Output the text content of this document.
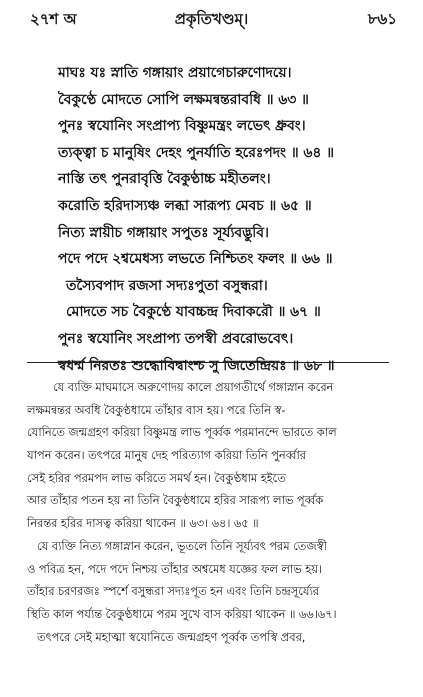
প্রকৃতিখণ্ডম্।
২৭শ অ	৮৬১
মাঘঃ যঃ স্নাতি গঙ্গায়াং প্রয়াগেচারুণোদয়ে।
বৈকুণ্ঠে মোদতে সোপি লক্ষমন্বন্তরাবধি ॥ ৬৩ ॥
পুনঃ স্বযোনিং সংপ্রাপ্য বিষ্ণুমন্ত্রং লভেৎ ধ্রুবং।
ত্যক্ত্বা চ মানুষিং দেহং পুনর্যাতি হরেঃপদং ॥ ৬৪ ॥
নাস্তি তৎ পুনরাবৃত্তি বৈকুণ্ঠাচ্চ মহীতলং।
করোতি হরিদাস্যঞ্চ লব্ধা সারূপ্য মেবচ ॥ ৬৫ ॥
নিত্য স্নায়ীচ গঙ্গায়াং সপুতঃ সূর্য্যবদ্ভুবি।
পদে পদে ২শ্বমেধস্য লভতে নিশ্চিতং ফলং ॥ ৬৬ ॥
তস্যৈবপাদ রজসা সদ্যঃপুতা বসুন্ধরা।
মোদতে সচ বৈকুণ্ঠে যাবচ্চন্দ্র দিবাকরৌ ॥ ৬৭ ॥
পুনঃ স্বযোনিং সংপ্রাপ্য তপস্বী প্রবরোভবেৎ।
স্বধর্ম্ম নিরতঃ শুদ্ধোবিদ্বাংশ্চ সু জিতেন্দ্রিয়ঃ ॥ ৬৮ ॥
যে ব্যক্তি মাঘমাসে অরুণোদয় কালে প্রয়াগতীর্থে গঙ্গাস্নান করেন
লক্ষমন্বন্তর অবধি বৈকুণ্ঠধামে তাঁহার বাস হয়। পরে তিনি স্ব-
যোনিতে জন্মগ্রহণ করিয়া বিষ্ণুমন্ত্র লাভ পূর্ব্বক পরমানন্দে ভারতে কাল
যাপন করেন। তৎপরে মানুষ দেহ পরিত্যাগ করিয়া তিনি পুনর্ব্বার
সেই হরির পরমপদ লাভ করিতে সমর্থ হন। বৈকুণ্ঠধাম হইতে
আর তাঁহার পতন হয় না তিনি বৈকুণ্ঠধামে হরির সারূপ্য লাভ পূর্ব্বক
নিরন্তর হরির দাসত্ব করিয়া থাকেন ॥ ৬৩। ৬৪। ৬৫ ॥
যে ব্যক্তি নিত্য গঙ্গাস্নান করেন, ভূতলে তিনি সূর্য্যবৎ পরম তেজস্বী
ও পবিত্র হন, পদে পদে নিশ্চয় তাঁহার অশ্বমেধ যজ্ঞের ফল লাভ হয়।
তাঁহার চরণরজঃ স্পর্শে বসুন্ধরা সদ্যঃপূত হন এবং তিনি চন্দ্রসূর্য্যের
স্থিতি কাল পর্য্যন্ত বৈকুণ্ঠধামে পরম সুখে বাস করিয়া থাকেন ॥ ৬৬।৬৭।
তৎপরে সেই মহাত্মা স্বযোনিতে জন্মগ্রহণ পূর্ব্বক তপস্বি প্রবর,
